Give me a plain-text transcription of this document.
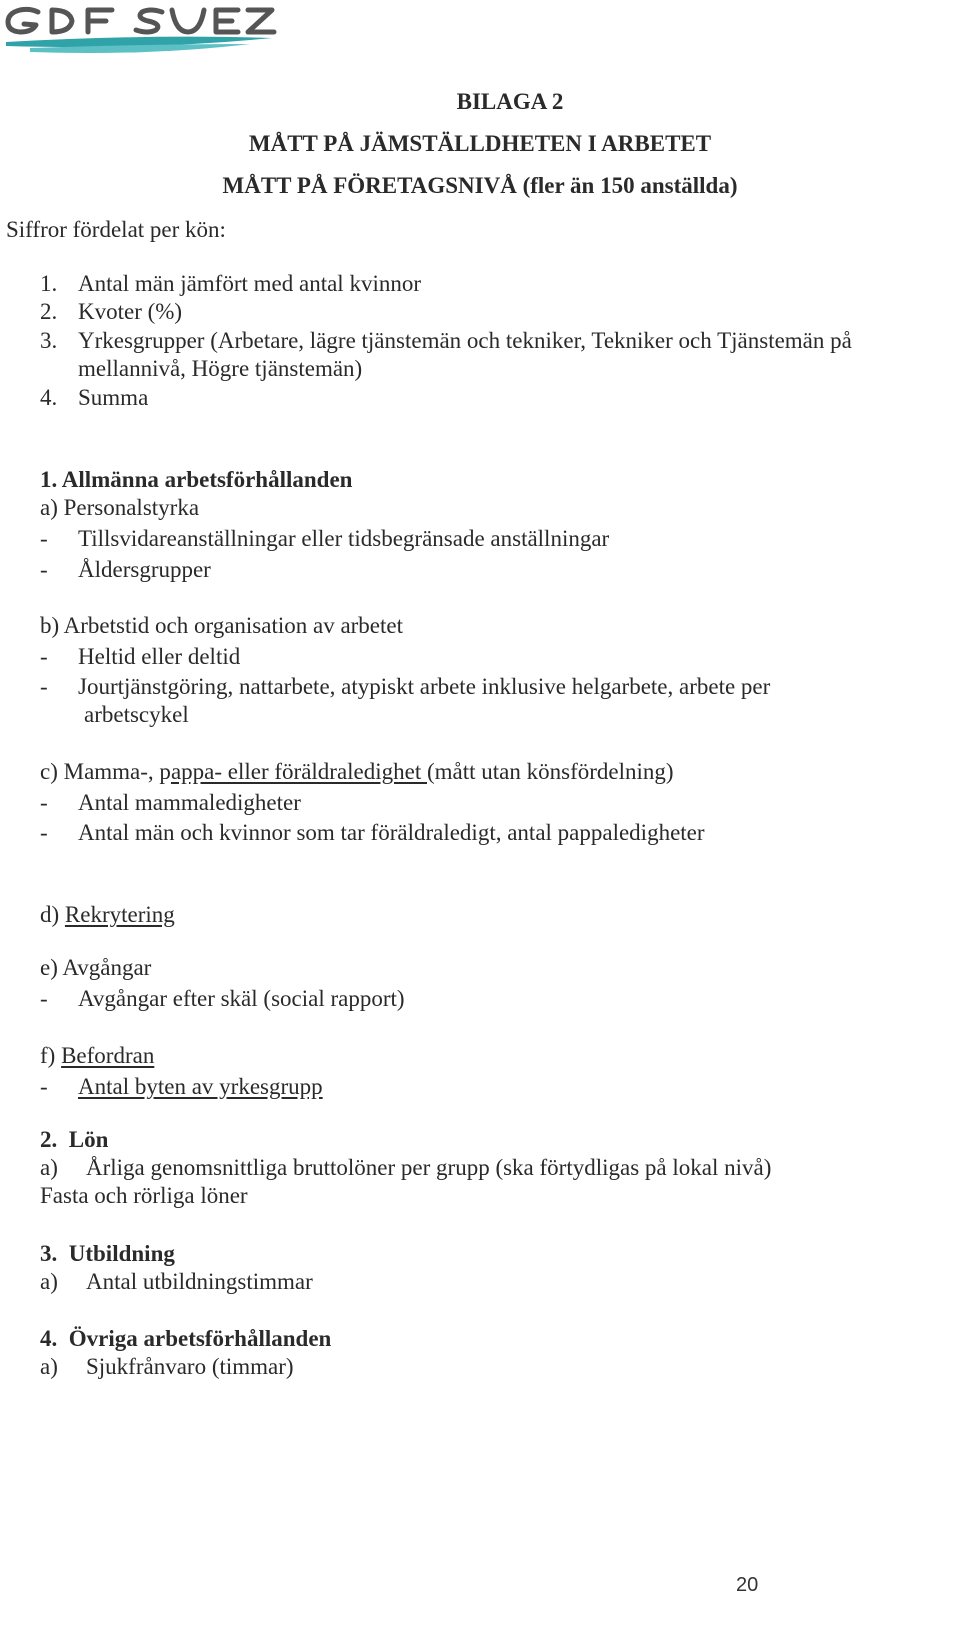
BILAGA 2
MÅTT PÅ JÄMSTÄLLDHETEN I ARBETET
MÅTT PÅ FÖRETAGSNIVÅ (fler än 150 anställda)
Siffror fördelat per kön:
1. Antal män jämfört med antal kvinnor
2. Kvoter (%)
3. Yrkesgrupper (Arbetare, lägre tjänstemän och tekniker, Tekniker och Tjänstemän på
mellannivå, Högre tjänstemän)
4. Summa
1. Allmänna arbetsförhållanden
a) Personalstyrka
- Tillsvidareanställningar eller tidsbegränsade anställningar
- Åldersgrupper
b) Arbetstid och organisation av arbetet
- Heltid eller deltid
- Jourtjänstgöring, nattarbete, atypiskt arbete inklusive helgarbete, arbete per
arbetscykel
c) Mamma-, pappa- eller föräldraledighet (mått utan könsfördelning)
- Antal mammaledigheter
- Antal män och kvinnor som tar föräldraledigt, antal pappaledigheter
d) Rekrytering
e) Avgångar
- Avgångar efter skäl (social rapport)
f) Befordran
- Antal byten av yrkesgrupp
2.  Lön
a) Årliga genomsnittliga bruttolöner per grupp (ska förtydligas på lokal nivå)
Fasta och rörliga löner
3.  Utbildning
a) Antal utbildningstimmar
4.  Övriga arbetsförhållanden
a) Sjukfrånvaro (timmar)
20
